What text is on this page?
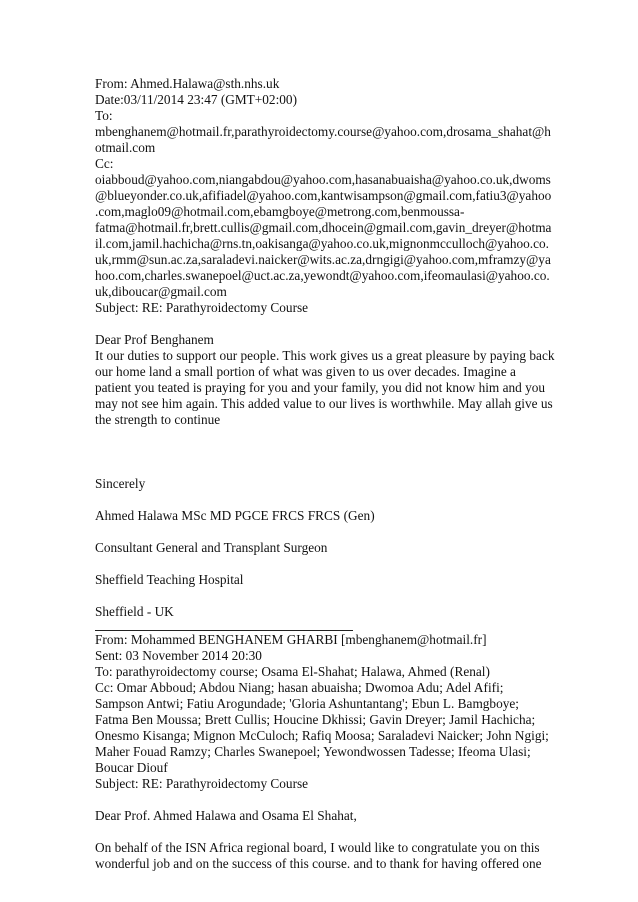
From: Ahmed.Halawa@sth.nhs.uk
Date:03/11/2014 23:47 (GMT+02:00)
To:
mbenghanem@hotmail.fr,parathyroidectomy.course@yahoo.com,drosama_shahat@h
otmail.com
Cc:
oiabboud@yahoo.com,niangabdou@yahoo.com,hasanabuaisha@yahoo.co.uk,dwoms
@blueyonder.co.uk,afifiadel@yahoo.com,kantwisampson@gmail.com,fatiu3@yahoo
.com,maglo09@hotmail.com,ebamgboye@metrong.com,benmoussa-
fatma@hotmail.fr,brett.cullis@gmail.com,dhocein@gmail.com,gavin_dreyer@hotma
il.com,jamil.hachicha@rns.tn,oakisanga@yahoo.co.uk,mignonmcculloch@yahoo.co.
uk,rmm@sun.ac.za,saraladevi.naicker@wits.ac.za,drngigi@yahoo.com,mframzy@ya
hoo.com,charles.swanepoel@uct.ac.za,yewondt@yahoo.com,ifeomaulasi@yahoo.co.
uk,diboucar@gmail.com
Subject: RE: Parathyroidectomy Course
Dear Prof Benghanem
It our duties to support our people. This work gives us a great pleasure by paying back
our home land a small portion of what was given to us over decades. Imagine a
patient you teated is praying for you and your family, you did not know him and you
may not see him again. This added value to our lives is worthwhile. May allah give us
the strength to continue
Sincerely
Ahmed Halawa MSc MD PGCE FRCS FRCS (Gen)
Consultant General and Transplant Surgeon
Sheffield Teaching Hospital
Sheffield - UK
From: Mohammed BENGHANEM GHARBI [mbenghanem@hotmail.fr]
Sent: 03 November 2014 20:30
To: parathyroidectomy course; Osama El-Shahat; Halawa, Ahmed (Renal)
Cc: Omar Abboud; Abdou Niang; hasan abuaisha; Dwomoa Adu; Adel Afifi;
Sampson Antwi; Fatiu Arogundade; 'Gloria Ashuntantang'; Ebun L. Bamgboye;
Fatma Ben Moussa; Brett Cullis; Houcine Dkhissi; Gavin Dreyer; Jamil Hachicha;
Onesmo Kisanga; Mignon McCuloch; Rafiq Moosa; Saraladevi Naicker; John Ngigi;
Maher Fouad Ramzy; Charles Swanepoel; Yewondwossen Tadesse; Ifeoma Ulasi;
Boucar Diouf
Subject: RE: Parathyroidectomy Course
Dear Prof. Ahmed Halawa and Osama El Shahat,
On behalf of the ISN Africa regional board, I would like to congratulate you on this
wonderful job and on the success of this course. and to thank for having offered one
